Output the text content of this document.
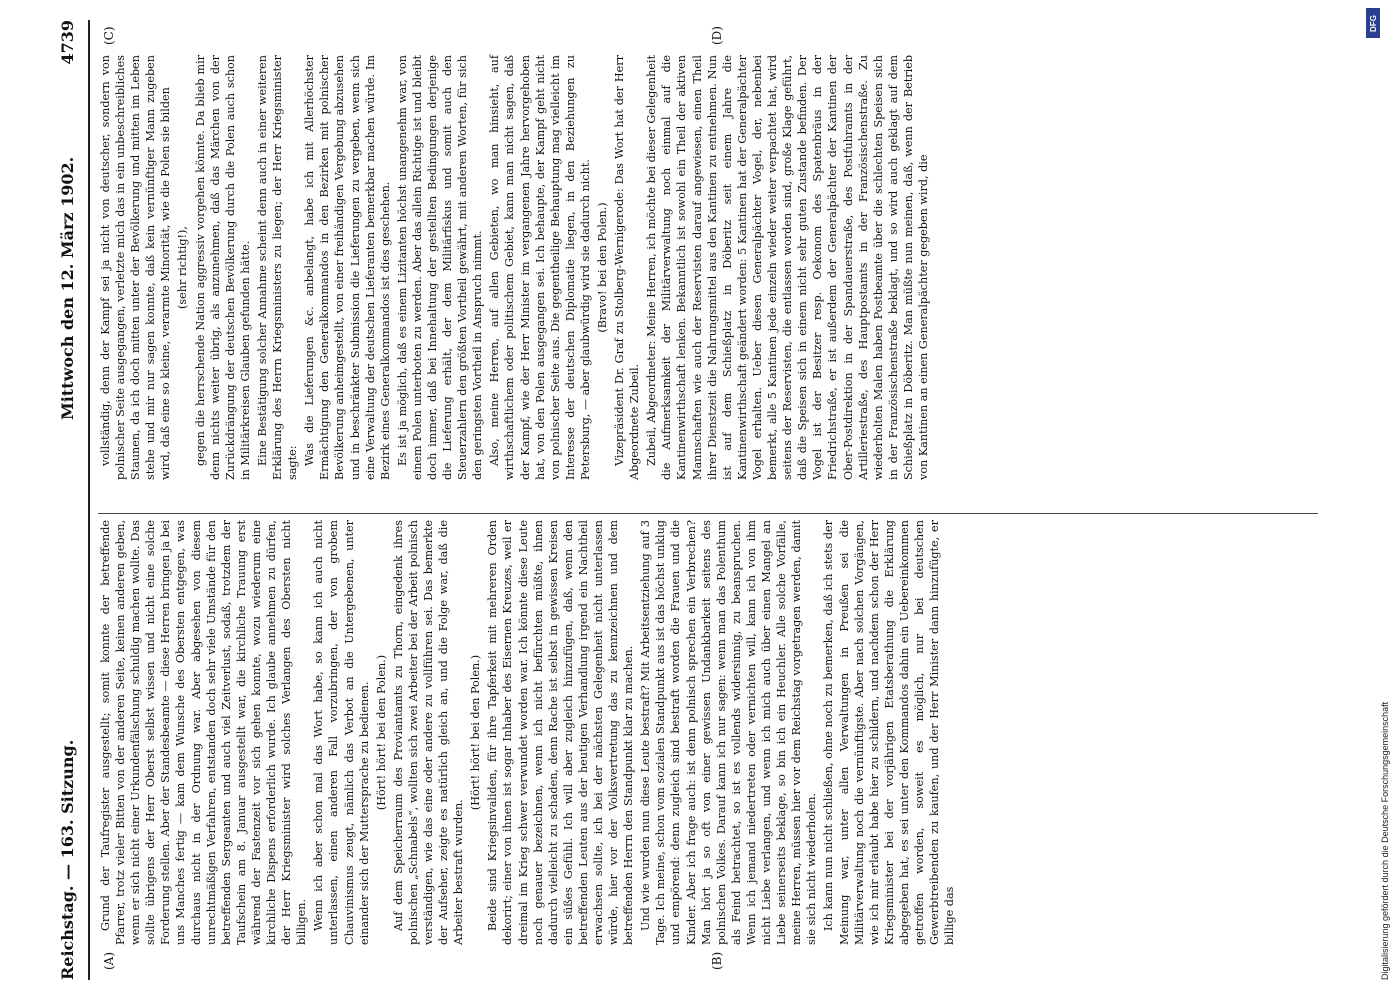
Reichstag. — 163. Sitzung.
Mittwoch den 12. März 1902.
4739
(A)	(B)
(C)	(D)

Grund der Taufregister ausgestellt; somit konnte der betreffende Pfarrer, trotz vieler Bitten von der anderen Seite, keinen anderen geben, wenn er sich nicht einer Urkundenfälschung schuldig machen wollte. Das sollte übrigens der Herr Oberst selbst wissen und nicht eine solche Forderung stellen. Aber der Standesbeamte — diese Herren bringen ja bei uns Manches fertig — kam dem Wunsche des Obersten entgegen, was durchaus nicht in der Ordnung war. Aber abgesehen von diesem unrechtmäßigen Verfahren, entstanden doch sehr viele Umstände für den betreffenden Sergeanten und auch viel Zeitverlust, sodaß, trotzdem der Taufschein am 8. Januar ausgestellt war, die kirchliche Trauung erst während der Fastenzeit vor sich gehen konnte, wozu wiederum eine kirchliche Dispens erforderlich wurde. Ich glaube annehmen zu dürfen, der Herr Kriegsminister wird solches Verlangen des Obersten nicht billigen. Wenn ich aber schon mal das Wort habe, so kann ich auch nicht unterlassen, einen anderen Fall vorzubringen, der von grobem Chauvinismus zeugt, nämlich das Verbot an die Untergebenen, unter einander sich der Muttersprache zu bedienen. (Hört! hört! bei den Polen.) Auf dem Speicherraum des Proviantamts zu Thorn, eingedenk ihres polnischen „Schnabels“, wollten sich zwei Arbeiter bei der Arbeit polnisch verständigen, wie das eine oder andere zu vollführen sei. Das bemerkte der Aufseher, zeigte es natürlich gleich an, und die Folge war, daß die Arbeiter bestraft wurden.

(Hört! hört! bei den Polen.) Beide sind Kriegsinvaliden, für ihre Tapferkeit mit mehreren Orden dekorirt; einer von ihnen ist sogar Inhaber des Eisernen Kreuzes, weil er dreimal im Krieg schwer verwundet worden war. Ich könnte diese Leute noch genauer bezeichnen, wenn ich nicht befürchten müßte, ihnen dadurch vielleicht zu schaden, denn Rache ist selbst in gewissen Kreisen ein süßes Gefühl. Ich will aber zugleich hinzufügen, daß, wenn den betreffenden Leuten aus der heutigen Verhandlung irgend ein Nachtheil erwachsen sollte, ich bei der nächsten Gelegenheit nicht unterlassen würde, hier vor der Volksvertretung das zu kennzeichnen und dem betreffenden Herrn den Standpunkt klar zu machen. Und wie wurden nun diese Leute bestraft? Mit Arbeitsentziehung auf 3 Tage. Ich meine, schon vom sozialen Standpunkt aus ist das höchst unklug und empörend: denn zugleich sind bestraft worden die Frauen und die Kinder. Aber ich frage auch: ist denn polnisch sprechen ein Verbrechen? Man hört ja so oft von einer gewissen Undankbarkeit seitens des polnischen Volkes. Darauf kann ich nur sagen: wenn man das Polenthum als Feind betrachtet, so ist es vollends widersinnig, zu beanspruchen. Wenn ich jemand niedertreten oder vernichten will, kann ich von ihm nicht Liebe verlangen, und wenn ich mich auch über einen Mangel an Liebe seinerseits beklage, so bin ich ein Heuchler. Alle solche Vorfälle, meine Herren, müssen hier vor dem Reichstag vorgetragen werden, damit sie sich nicht wiederholen. Ich kann nun nicht schließen, ohne noch zu bemerken, daß ich stets der Meinung war, unter allen Verwaltungen in Preußen sei die Militärverwaltung noch die vernünftigste. Aber nach solchen Vorgängen, wie ich mir erlaubt habe hier zu schildern, und nachdem schon der Herr Kriegsminister bei der vorjährigen Etatsberathung die Erklärung abgegeben hat, es sei unter den Kommandos dahin ein Uebereinkommen getroffen worden, soweit es möglich, nur bei deutschen Gewerbtreibenden zu kaufen, und der Herr Minister dann hinzufügte, er billige das

vollständig, denn der Kampf sei ja nicht von deutscher, sondern von polnischer Seite ausgegangen, verletzte mich das in ein unbeschreibliches Staunen, da ich doch mitten unter der Bevölkerung und mitten im Leben stehe und mir nur sagen konnte, daß kein vernünftiger Mann zugeben wird, daß eine so kleine, verarmte Minorität, wie die Polen sie bilden (sehr richtig!), gegen die herrschende Nation aggressiv vorgehen könnte. Da blieb mir denn nichts weiter übrig, als anzunehmen, daß das Märchen von der Zurückdrängung der deutschen Bevölkerung durch die Polen auch schon in Militärkreisen Glauben gefunden hätte. Eine Bestätigung solcher Annahme scheint denn auch in einer weiteren Erklärung des Herrn Kriegsministers zu liegen; der Herr Kriegsminister sagte: Was die Lieferungen &c. anbelangt, habe ich mit Allerhöchster Ermächtigung den Generalkommandos in den Bezirken mit polnischer Bevölkerung anheimgestellt, von einer freihändigen Vergebung abzusehen und in beschränkter Submission die Lieferungen zu vergeben, wenn sich eine Verwaltung der deutschen Lieferanten bemerkbar machen würde. Im Bezirk eines Generalkommandos ist dies geschehen. Es ist ja möglich, daß es einem Lizitanten höchst unangenehm war, von einem Polen unterboten zu werden. Aber das allein Richtige ist und bleibt doch immer, daß bei Innehaltung der gestellten Bedingungen derjenige die Lieferung erhält, der dem Militärfiskus und somit auch den Steuerzahlern den größten Vortheil gewährt, mit anderen Worten, für sich den geringsten Vortheil in Anspruch nimmt. Also, meine Herren, auf allen Gebieten, wo man hinsieht, auf wirthschaftlichem oder politischem Gebiet, kann man nicht sagen, daß der Kampf, wie der Herr Minister im vergangenen Jahre hervorgehoben hat, von den Polen ausgegangen sei. Ich behaupte, der Kampf geht nicht von polnischer Seite aus. Die gegentheilige Behauptung mag vielleicht im Interesse der deutschen Diplomatie liegen, in den Beziehungen zu Petersburg, — aber glaubwürdig wird sie dadurch nicht. (Bravo! bei den Polen.) Vizepräsident Dr. Graf zu Stolberg-Wernigerode: Das Wort hat der Herr Abgeordnete Zubeil. Zubeil, Abgeordneter: Meine Herren, ich möchte bei dieser Gelegenheit die Aufmerksamkeit der Militärverwaltung noch einmal auf die Kantinenwirthschaft lenken. Bekanntlich ist sowohl ein Theil der aktiven Mannschaften wie auch der Reservisten darauf angewiesen, einen Theil ihrer Dienstzeit die Nahrungsmittel aus den Kantinen zu entnehmen. Nun ist auf dem Schießplatz in Döberitz seit einem Jahre die Kantinenwirthschaft geändert worden: 5 Kantinen hat der Generalpächter Vogel erhalten. Ueber diesen Generalpächter Vogel, der, nebenbei bemerkt, alle 5 Kantinen jede einzeln wieder weiter verpachtet hat, wird seitens der Reservisten, die entlassen worden sind, große Klage geführt, daß die Speisen sich in einem nicht sehr guten Zustande befinden. Der Vogel ist der Besitzer resp. Oekonom des Spatenbräus in der Friedrichstraße, er ist außerdem der Generalpächter der Kantinen der Ober-Postdirektion in der Spandauerstraße, des Postfuhramts in der Artilleriestraße, des Hauptpostamts in der Französischenstraße. Zu wiederholten Malen haben Postbeamte über die schlechten Speisen sich in der Französischenstraße beklagt, und so wird auch geklagt auf dem Schießplatz in Döberitz. Man müßte nun meinen, daß, wenn der Betrieb von Kantinen an einen Generalpächter gegeben wird, die

DFG
Digitalisierung gefördert durch die Deutsche Forschungsgemeinschaft
